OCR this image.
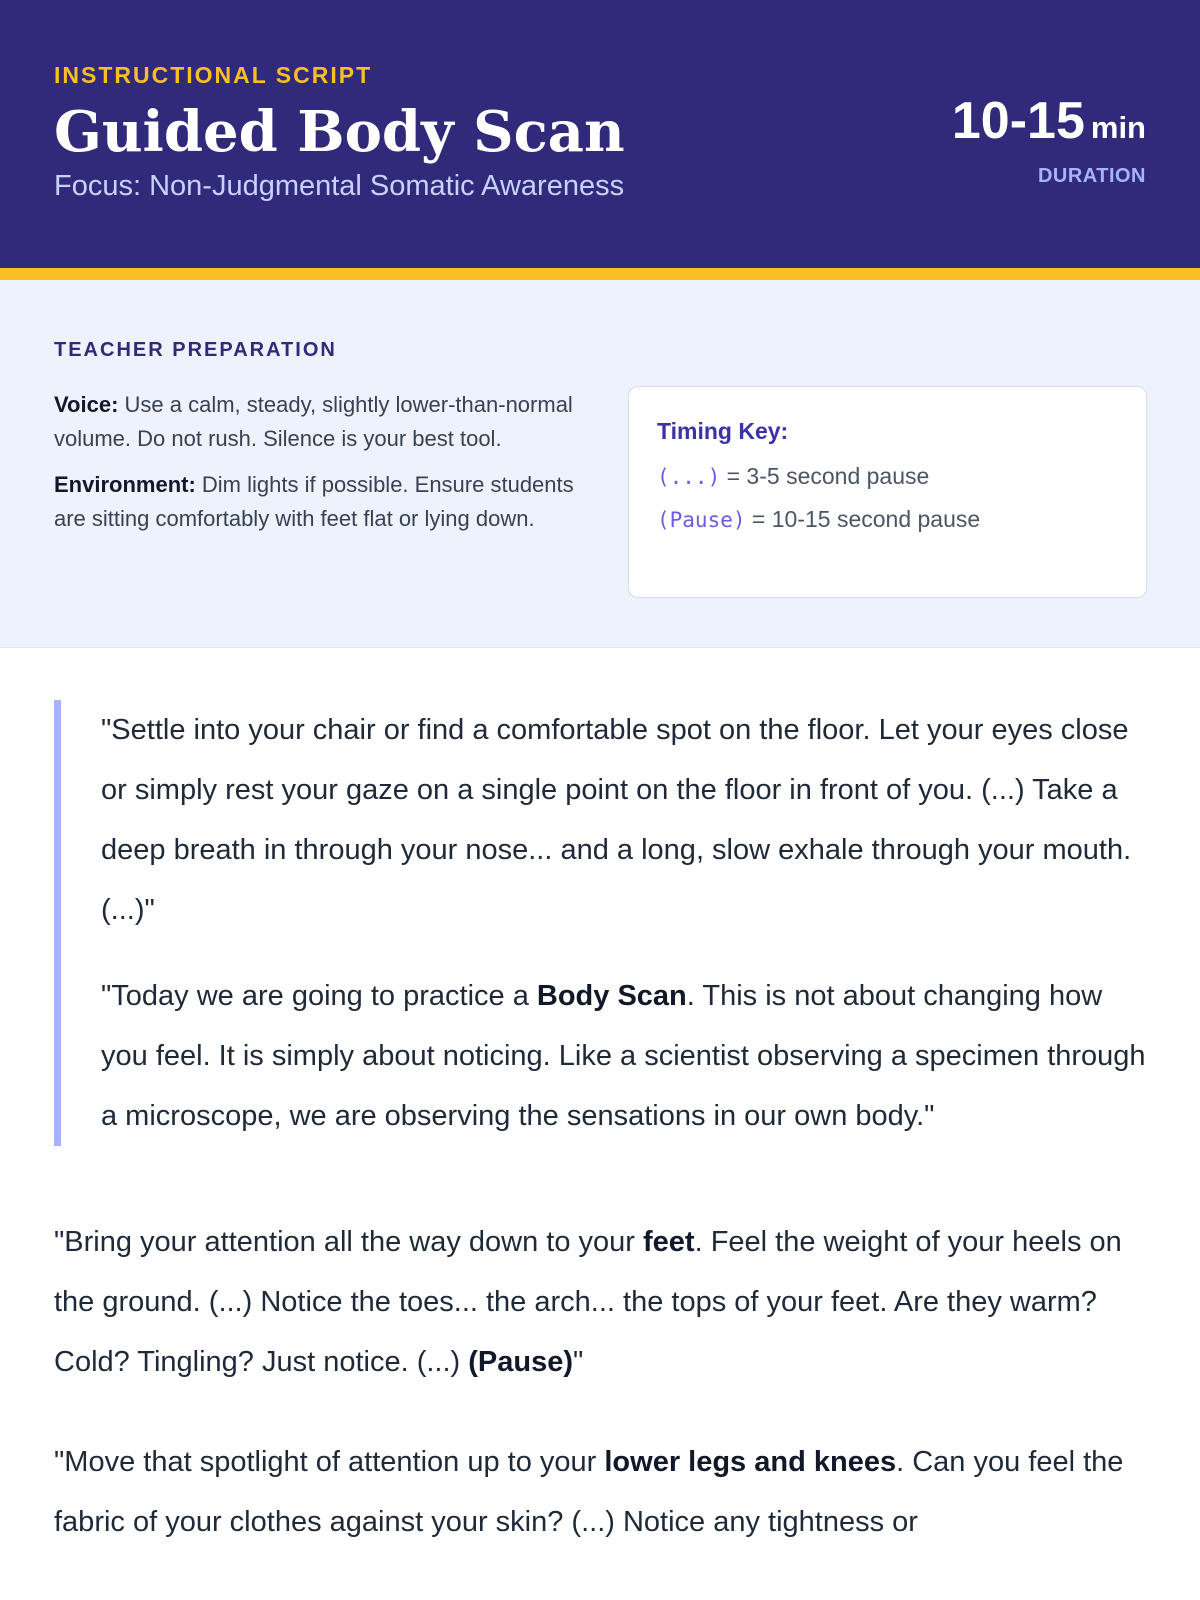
INSTRUCTIONAL SCRIPT

Guided Body Scan

Focus: Non-Judgmental Somatic Awareness

10-15 min
DURATION
TEACHER PREPARATION

Voice: Use a calm, steady, slightly lower-than-normal volume. Do not rush. Silence is your best tool.

Environment: Dim lights if possible. Ensure students are sitting comfortably with feet flat or lying down.

Timing Key:

(...) = 3-5 second pause
(Pause) = 10-15 second pause

"Settle into your chair or find a comfortable spot on the floor. Let your eyes close or simply rest your gaze on a single point on the floor in front of you. (...) Take a deep breath in through your nose... and a long, slow exhale through your mouth. (...)"

"Today we are going to practice a Body Scan. This is not about changing how you feel. It is simply about noticing. Like a scientist observing a specimen through a microscope, we are observing the sensations in our own body."

"Bring your attention all the way down to your feet. Feel the weight of your heels on the ground. (...) Notice the toes... the arch... the tops of your feet. Are they warm? Cold? Tingling? Just notice. (...) (Pause)"

"Move that spotlight of attention up to your lower legs and knees. Can you feel the fabric of your clothes against your skin? (...) Notice any tightness or
